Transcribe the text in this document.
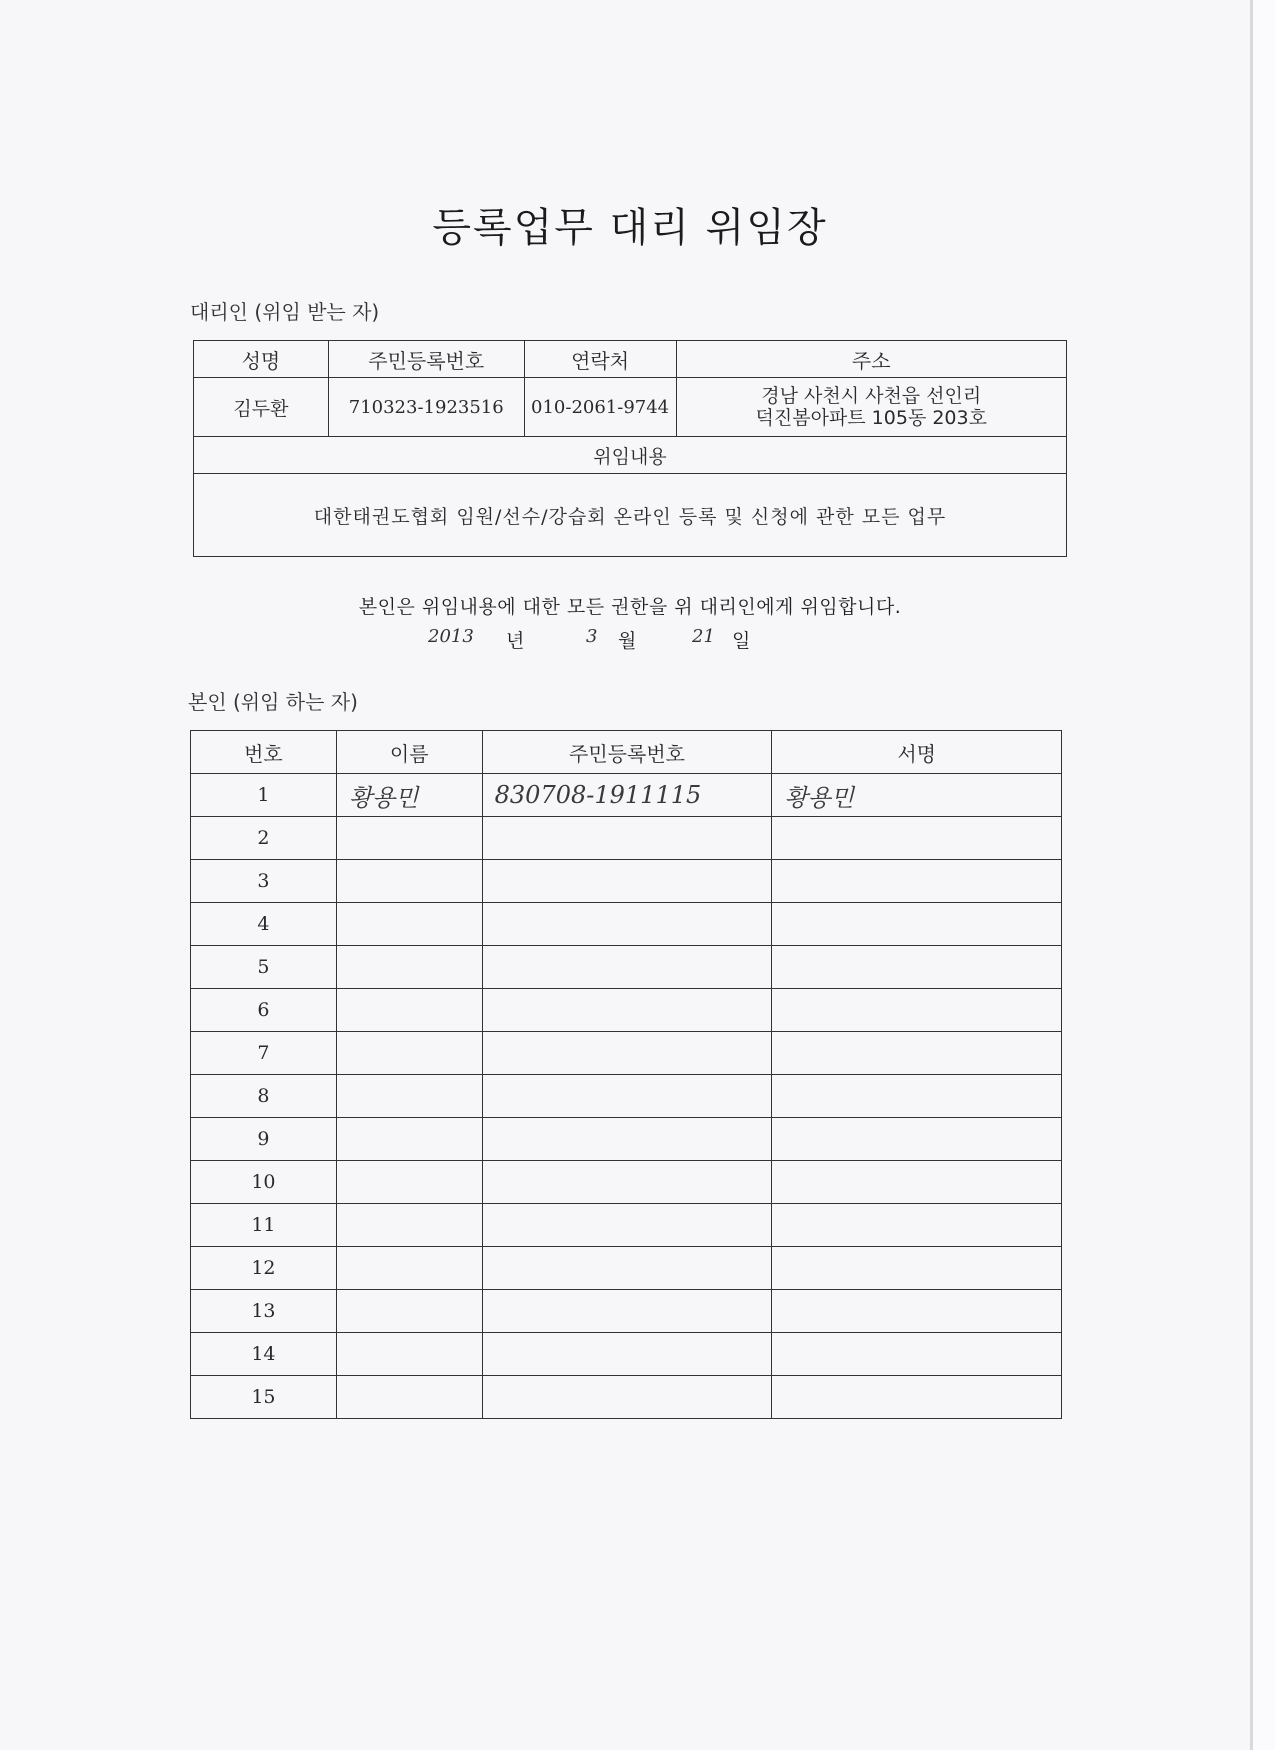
등록업무 대리 위임장
대리인 (위임 받는 자)
성명	주민등록번호	연락처	주소
김두환	710323-1923516	010-2061-9744	경남 사천시 사천읍 선인리
덕진봄아파트 105동 203호

위임내용			
대한태권도협회 임원/선수/강습회 온라인 등록 및 신청에 관한 모든 업무			
본인은 위임내용에 대한 모든 권한을 위 대리인에게 위임합니다.
2013 년	3 월	21 일
본인 (위임 하는 자)
번호	이름	주민등록번호	서명
1	황용민	830708-1911115	황용민
2			
3			
4			
5			
6			
7			
8			
9			
10			
11			
12			
13			
14			
15			
